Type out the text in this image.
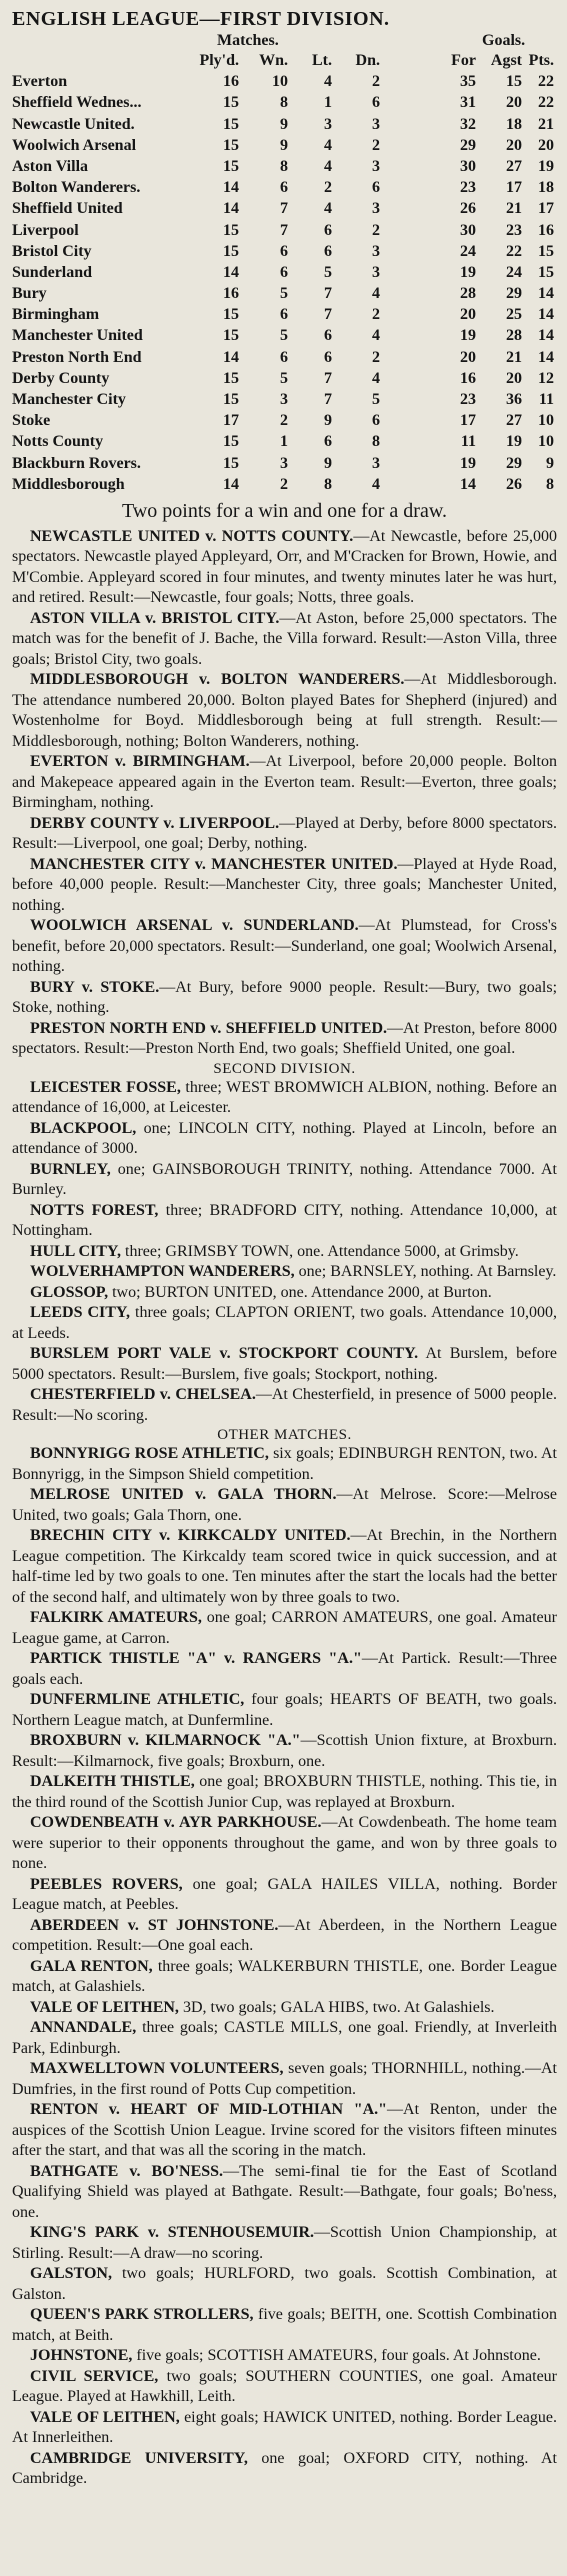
ENGLISH LEAGUE—FIRST DIVISION.
Matches.	Goals.
Ply'd.	Wn.	Lt.	Dn.	For Agst Pts.
Everton	16	10	4	2	35	15	22
Sheffield Wednes...	15	8	1	6	31	20	22
Newcastle United.	15	9	3	3	32	18	21
Woolwich Arsenal	15	9	4	2	29	20	20
Aston Villa	15	8	4	3	30	27	19
Bolton Wanderers.	14	6	2	6	23	17	18
Sheffield United	14	7	4	3	26	21	17
Liverpool	15	7	6	2	30	23	16
Bristol City	15	6	6	3	24	22	15
Sunderland	14	6	5	3	19	24	15
Bury	16	5	7	4	28	29	14
Birmingham	15	6	7	2	20	25	14
Manchester United	15	5	6	4	19	28	14
Preston North End	14	6	6	2	20	21	14
Derby County	15	5	7	4	16	20	12
Manchester City	15	3	7	5	23	36	11
Stoke	17	2	9	6	17	27	10
Notts County	15	1	6	8	11	19	10
Blackburn Rovers.	15	3	9	3	19	29	9
Middlesborough	14	2	8	4	14	26	8
Two points for a win and one for a draw.

NEWCASTLE UNITED v. NOTTS COUNTY.—At Newcastle, before 25,000 spectators. Newcastle played Appleyard, Orr, and M'Cracken for Brown, Howie, and M'Combie. Appleyard scored in four minutes, and twenty minutes later he was hurt, and retired. Result:—Newcastle, four goals; Notts, three goals.

ASTON VILLA v. BRISTOL CITY.—At Aston, before 25,000 spectators. The match was for the benefit of J. Bache, the Villa forward. Result:—Aston Villa, three goals; Bristol City, two goals.

MIDDLESBOROUGH v. BOLTON WANDERERS.—At Middlesborough. The attendance numbered 20,000. Bolton played Bates for Shepherd (injured) and Wostenholme for Boyd. Middlesborough being at full strength. Result:—Middlesborough, nothing; Bolton Wanderers, nothing.

EVERTON v. BIRMINGHAM.—At Liverpool, before 20,000 people. Bolton and Makepeace appeared again in the Everton team. Result:—Everton, three goals; Birmingham, nothing.

DERBY COUNTY v. LIVERPOOL.—Played at Derby, before 8000 spectators. Result:—Liverpool, one goal; Derby, nothing.

MANCHESTER CITY v. MANCHESTER UNITED.—Played at Hyde Road, before 40,000 people. Result:—Manchester City, three goals; Manchester United, nothing.

WOOLWICH ARSENAL v. SUNDERLAND.—At Plumstead, for Cross's benefit, before 20,000 spectators. Result:—Sunderland, one goal; Woolwich Arsenal, nothing.

BURY v. STOKE.—At Bury, before 9000 people. Result:—Bury, two goals; Stoke, nothing.

PRESTON NORTH END v. SHEFFIELD UNITED.—At Preston, before 8000 spectators. Result:—Preston North End, two goals; Sheffield United, one goal.

SECOND DIVISION.

LEICESTER FOSSE, three; WEST BROMWICH ALBION, nothing. Before an attendance of 16,000, at Leicester.

BLACKPOOL, one; LINCOLN CITY, nothing. Played at Lincoln, before an attendance of 3000.

BURNLEY, one; GAINSBOROUGH TRINITY, nothing. Attendance 7000. At Burnley.

NOTTS FOREST, three; BRADFORD CITY, nothing. Attendance 10,000, at Nottingham.

HULL CITY, three; GRIMSBY TOWN, one. Attendance 5000, at Grimsby.

WOLVERHAMPTON WANDERERS, one; BARNSLEY, nothing. At Barnsley.

GLOSSOP, two; BURTON UNITED, one. Attendance 2000, at Burton.

LEEDS CITY, three goals; CLAPTON ORIENT, two goals. Attendance 10,000, at Leeds.

BURSLEM PORT VALE v. STOCKPORT COUNTY. At Burslem, before 5000 spectators. Result:—Burslem, five goals; Stockport, nothing.

CHESTERFIELD v. CHELSEA.—At Chesterfield, in presence of 5000 people. Result:—No scoring.

OTHER MATCHES.

BONNYRIGG ROSE ATHLETIC, six goals; EDINBURGH RENTON, two. At Bonnyrigg, in the Simpson Shield competition.

MELROSE UNITED v. GALA THORN.—At Melrose. Score:—Melrose United, two goals; Gala Thorn, one.

BRECHIN CITY v. KIRKCALDY UNITED.—At Brechin, in the Northern League competition. The Kirkcaldy team scored twice in quick succession, and at half-time led by two goals to one. Ten minutes after the start the locals had the better of the second half, and ultimately won by three goals to two.

FALKIRK AMATEURS, one goal; CARRON AMATEURS, one goal. Amateur League game, at Carron.

PARTICK THISTLE "A" v. RANGERS "A."—At Partick. Result:—Three goals each.

DUNFERMLINE ATHLETIC, four goals; HEARTS OF BEATH, two goals. Northern League match, at Dunfermline.

BROXBURN v. KILMARNOCK "A."—Scottish Union fixture, at Broxburn. Result:—Kilmarnock, five goals; Broxburn, one.

DALKEITH THISTLE, one goal; BROXBURN THISTLE, nothing. This tie, in the third round of the Scottish Junior Cup, was replayed at Broxburn.

COWDENBEATH v. AYR PARKHOUSE.—At Cowdenbeath. The home team were superior to their opponents throughout the game, and won by three goals to none.

PEEBLES ROVERS, one goal; GALA HAILES VILLA, nothing. Border League match, at Peebles.

ABERDEEN v. ST JOHNSTONE.—At Aberdeen, in the Northern League competition. Result:—One goal each.

GALA RENTON, three goals; WALKERBURN THISTLE, one. Border League match, at Galashiels.

VALE OF LEITHEN, 3D, two goals; GALA HIBS, two. At Galashiels.

ANNANDALE, three goals; CASTLE MILLS, one goal. Friendly, at Inverleith Park, Edinburgh.

MAXWELLTOWN VOLUNTEERS, seven goals; THORNHILL, nothing.—At Dumfries, in the first round of Potts Cup competition.

RENTON v. HEART OF MID-LOTHIAN "A."—At Renton, under the auspices of the Scottish Union League. Irvine scored for the visitors fifteen minutes after the start, and that was all the scoring in the match.

BATHGATE v. BO'NESS.—The semi-final tie for the East of Scotland Qualifying Shield was played at Bathgate. Result:—Bathgate, four goals; Bo'ness, one.

KING'S PARK v. STENHOUSEMUIR.—Scottish Union Championship, at Stirling. Result:—A draw—no scoring.

GALSTON, two goals; HURLFORD, two goals. Scottish Combination, at Galston.

QUEEN'S PARK STROLLERS, five goals; BEITH, one. Scottish Combination match, at Beith.

JOHNSTONE, five goals; SCOTTISH AMATEURS, four goals. At Johnstone.

CIVIL SERVICE, two goals; SOUTHERN COUNTIES, one goal. Amateur League. Played at Hawkhill, Leith.

VALE OF LEITHEN, eight goals; HAWICK UNITED, nothing. Border League. At Innerleithen.

CAMBRIDGE UNIVERSITY, one goal; OXFORD CITY, nothing. At Cambridge.
